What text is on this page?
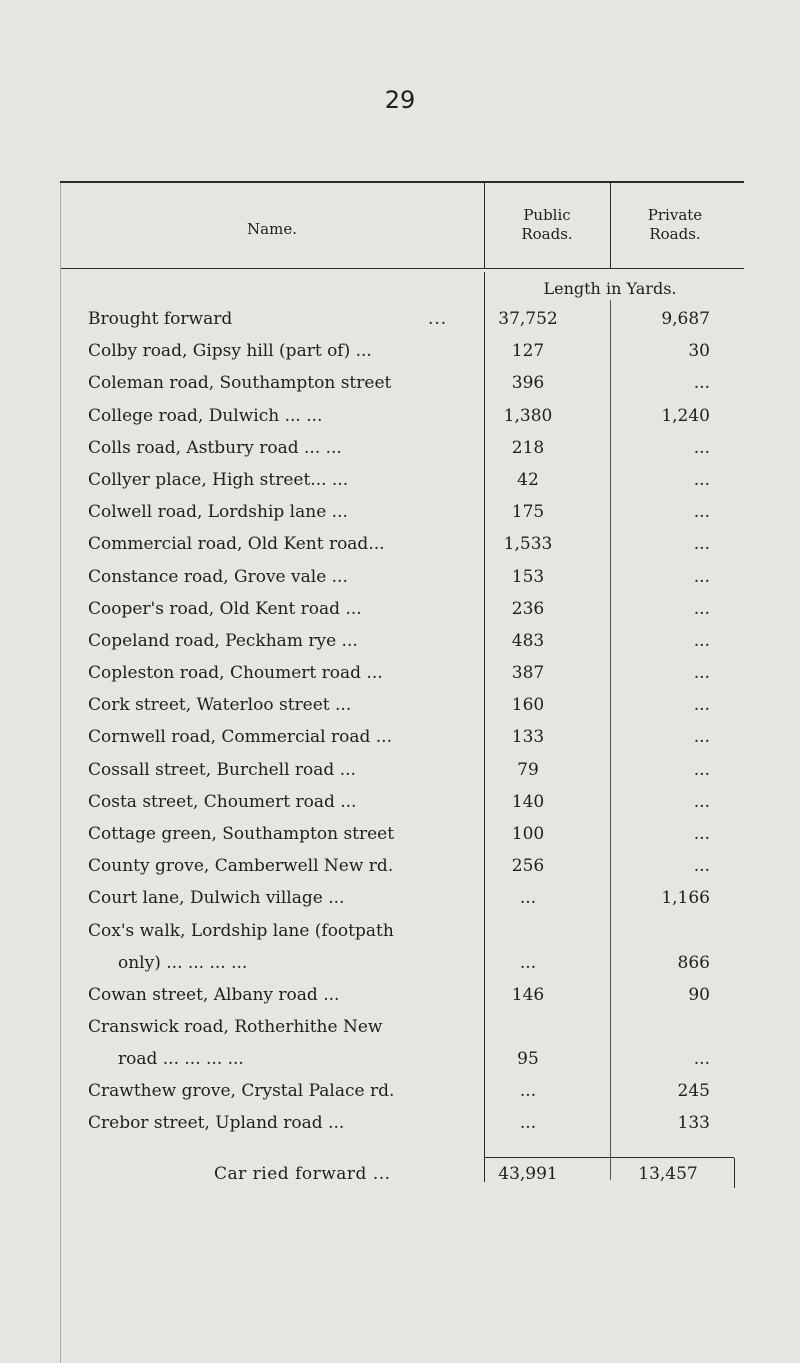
29
Name.
Public
Roads.
Private
Roads.
Length in Yards.
Brought forward	...	37,752	9,687
Colby road, Gipsy hill (part of) ...	127	30
Coleman road, Southampton street	396	...
College road, Dulwich ... ...	1,380	1,240
Colls road, Astbury road ... ...	218	...
Collyer place, High street... ...	42	...
Colwell road, Lordship lane ...	175	...
Commercial road, Old Kent road...	1,533	...
Constance road, Grove vale ...	153	...
Cooper's road, Old Kent road ...	236	...
Copeland road, Peckham rye ...	483	...
Copleston road, Choumert road ...	387	...
Cork street, Waterloo street ...	160	...
Cornwell road, Commercial road ...	133	...
Cossall street, Burchell road ...	79	...
Costa street, Choumert road ...	140	...
Cottage green, Southampton street	100	...
County grove, Camberwell New rd.	256	...
Court lane, Dulwich village ...	...	1,166
Cox's walk, Lordship lane (footpath
only) ... ... ... ...	...	866
Cowan street, Albany road ...	146	90
Cranswick road, Rotherhithe New
road ... ... ... ...	95	...
Crawthew grove, Crystal Palace rd.	...	245
Crebor street, Upland road ...	...	133
Car ried forward ...	43,991	13,457
